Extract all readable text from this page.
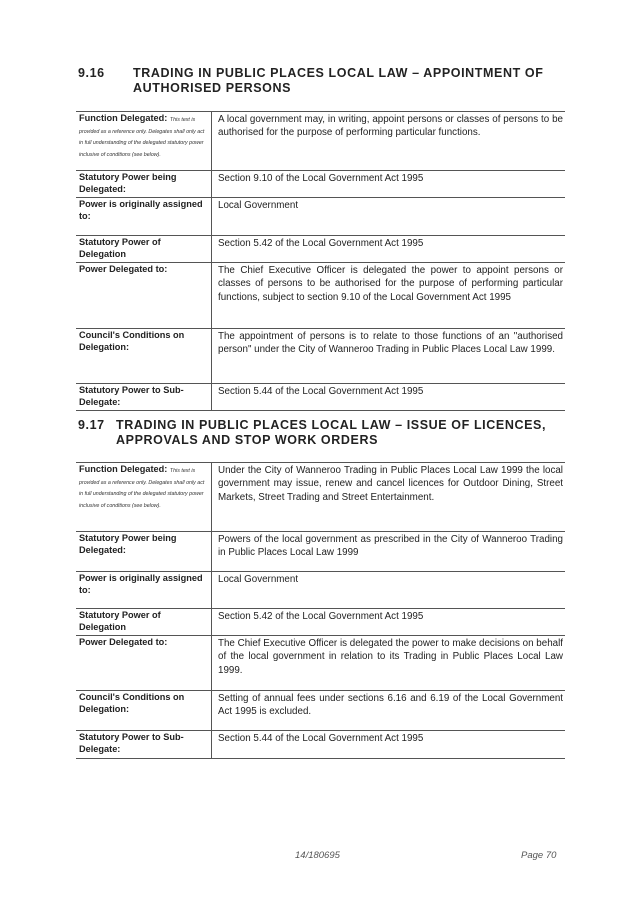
9.16 TRADING IN PUBLIC PLACES LOCAL LAW – APPOINTMENT OF AUTHORISED PERSONS
Function Delegated: This text is provided as a reference only. Delegates shall only act in full understanding of the delegated statutory power inclusive of conditions (see below).	A local government may, in writing, appoint persons or classes of persons to be authorised for the purpose of performing particular functions.
Statutory Power being Delegated:	Section 9.10 of the Local Government Act 1995
Power is originally assigned to:	Local Government
Statutory Power of Delegation	Section 5.42 of the Local Government Act 1995
Power Delegated to:	The Chief Executive Officer is delegated the power to appoint persons or classes of persons to be authorised for the purpose of performing particular functions, subject to section 9.10 of the Local Government Act 1995
Council's Conditions on Delegation:	The appointment of persons is to relate to those functions of an "authorised person" under the City of Wanneroo Trading in Public Places Local Law 1999.
Statutory Power to Sub-Delegate:	Section 5.44 of the Local Government Act 1995
9.17 TRADING IN PUBLIC PLACES LOCAL LAW – ISSUE OF LICENCES, APPROVALS AND STOP WORK ORDERS
Function Delegated: This text is provided as a reference only. Delegates shall only act in full understanding of the delegated statutory power inclusive of conditions (see below).	Under the City of Wanneroo Trading in Public Places Local Law 1999 the local government may issue, renew and cancel licences for Outdoor Dining, Street Markets, Street Trading and Street Entertainment.
Statutory Power being Delegated:	Powers of the local government as prescribed in the City of Wanneroo Trading in Public Places Local Law 1999
Power is originally assigned to:	Local Government
Statutory Power of Delegation	Section 5.42 of the Local Government Act 1995
Power Delegated to:	The Chief Executive Officer is delegated the power to make decisions on behalf of the local government in relation to its Trading in Public Places Local Law 1999.
Council's Conditions on Delegation:	Setting of annual fees under sections 6.16 and 6.19 of the Local Government Act 1995 is excluded.
Statutory Power to Sub-Delegate:	Section 5.44 of the Local Government Act 1995
14/180695	Page 70
